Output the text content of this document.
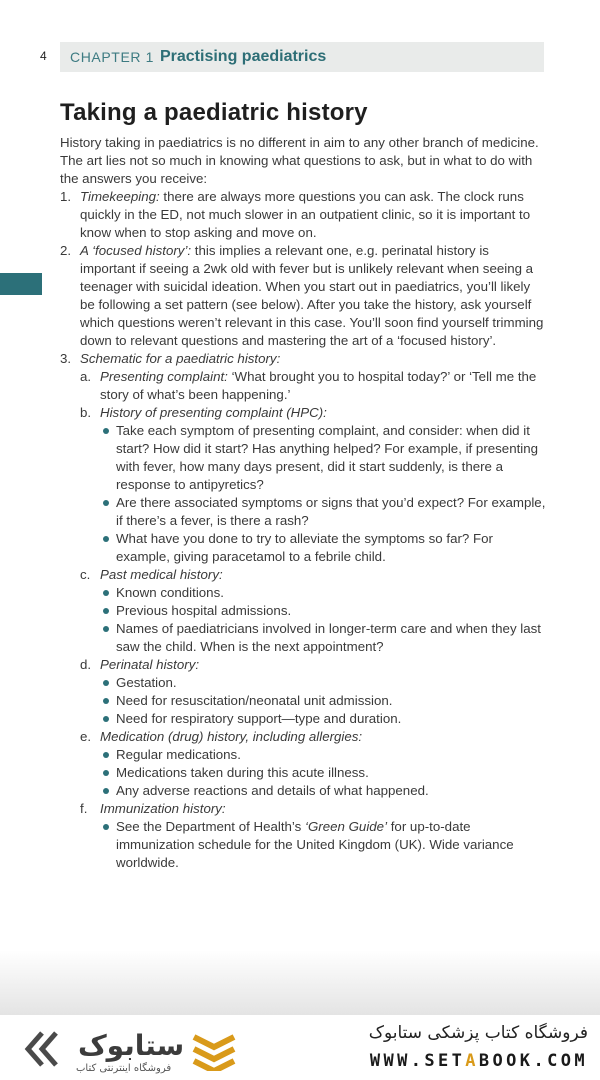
4 CHAPTER 1 Practising paediatrics
Taking a paediatric history

History taking in paediatrics is no different in aim to any other branch of medicine. The art lies not so much in knowing what questions to ask, but in what to do with the answers you receive:

1. Timekeeping: there are always more questions you can ask. The clock runs quickly in the ED, not much slower in an outpatient clinic, so it is important to know when to stop asking and move on.
2. A ‘focused history’: this implies a relevant one, e.g. perinatal history is important if seeing a 2wk old with fever but is unlikely relevant when seeing a teenager with suicidal ideation. When you start out in paediatrics, you’ll likely be following a set pattern (see below). After you take the history, ask yourself which questions weren’t relevant in this case. You’ll soon find yourself trimming down to relevant questions and mastering the art of a ‘focused history’.
3. Schematic for a paediatric history:
a. Presenting complaint: ‘What brought you to hospital today?’ or ‘Tell me the story of what’s been happening.’
b. History of presenting complaint (HPC):
Take each symptom of presenting complaint, and consider: when did it start? How did it start? Has anything helped? For example, if presenting with fever, how many days present, did it start suddenly, is there a response to antipyretics?
Are there associated symptoms or signs that you’d expect? For example, if there’s a fever, is there a rash?
What have you done to try to alleviate the symptoms so far? For example, giving paracetamol to a febrile child.
c. Past medical history:
Known conditions.
Previous hospital admissions.
Names of paediatricians involved in longer-term care and when they last saw the child. When is the next appointment?
d. Perinatal history:
Gestation.
Need for resuscitation/neonatal unit admission.
Need for respiratory support—type and duration.
e. Medication (drug) history, including allergies:
Regular medications.
Medications taken during this acute illness.
Any adverse reactions and details of what happened.
f. Immunization history:
See the Department of Health’s ‘Green Guide’ for up-to-date immunization schedule for the United Kingdom (UK). Wide variance worldwide.
ستابوک
فروشگاه اینترنتی کتاب
فروشگاه کتاب پزشکی ستابوک
WWW.SETABOOK.COM
